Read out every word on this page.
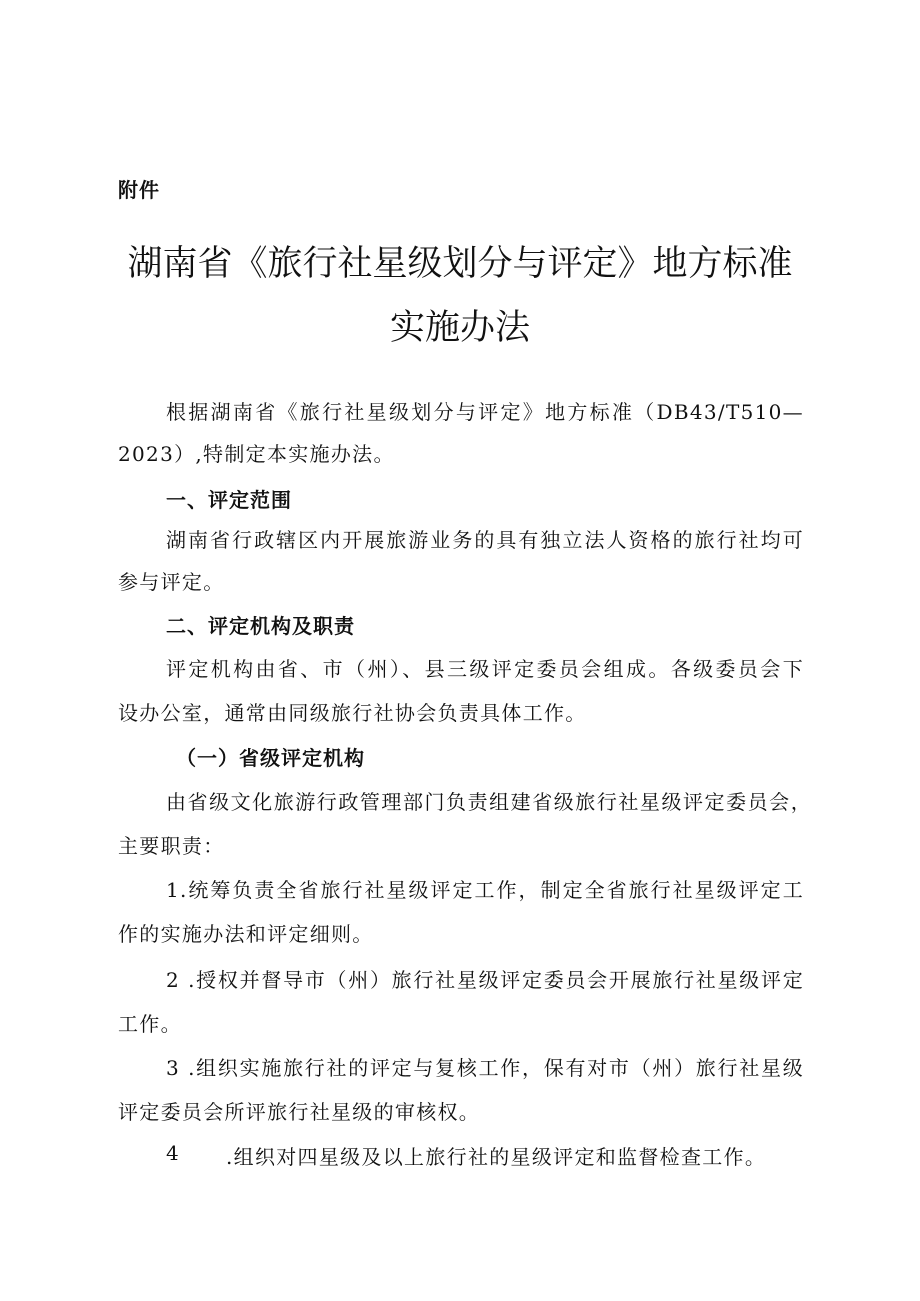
附件
湖南省《旅行社星级划分与评定》地方标准
实施办法
根据湖南省《旅行社星级划分与评定》地方标准（DB43/T510—
2023）,特制定本实施办法。
一、评定范围
湖南省行政辖区内开展旅游业务的具有独立法人资格的旅行社均可
参与评定。
二、评定机构及职责
评定机构由省、市（州）、县三级评定委员会组成。各级委员会下
设办公室，通常由同级旅行社协会负责具体工作。
（一）省级评定机构
由省级文化旅游行政管理部门负责组建省级旅行社星级评定委员会，
主要职责：
1.统筹负责全省旅行社星级评定工作，制定全省旅行社星级评定工
作的实施办法和评定细则。
2 .授权并督导市（州）旅行社星级评定委员会开展旅行社星级评定
工作。
3 .组织实施旅行社的评定与复核工作，保有对市（州）旅行社星级
评定委员会所评旅行社星级的审核权。
4 .组织对四星级及以上旅行社的星级评定和监督检查工作。
